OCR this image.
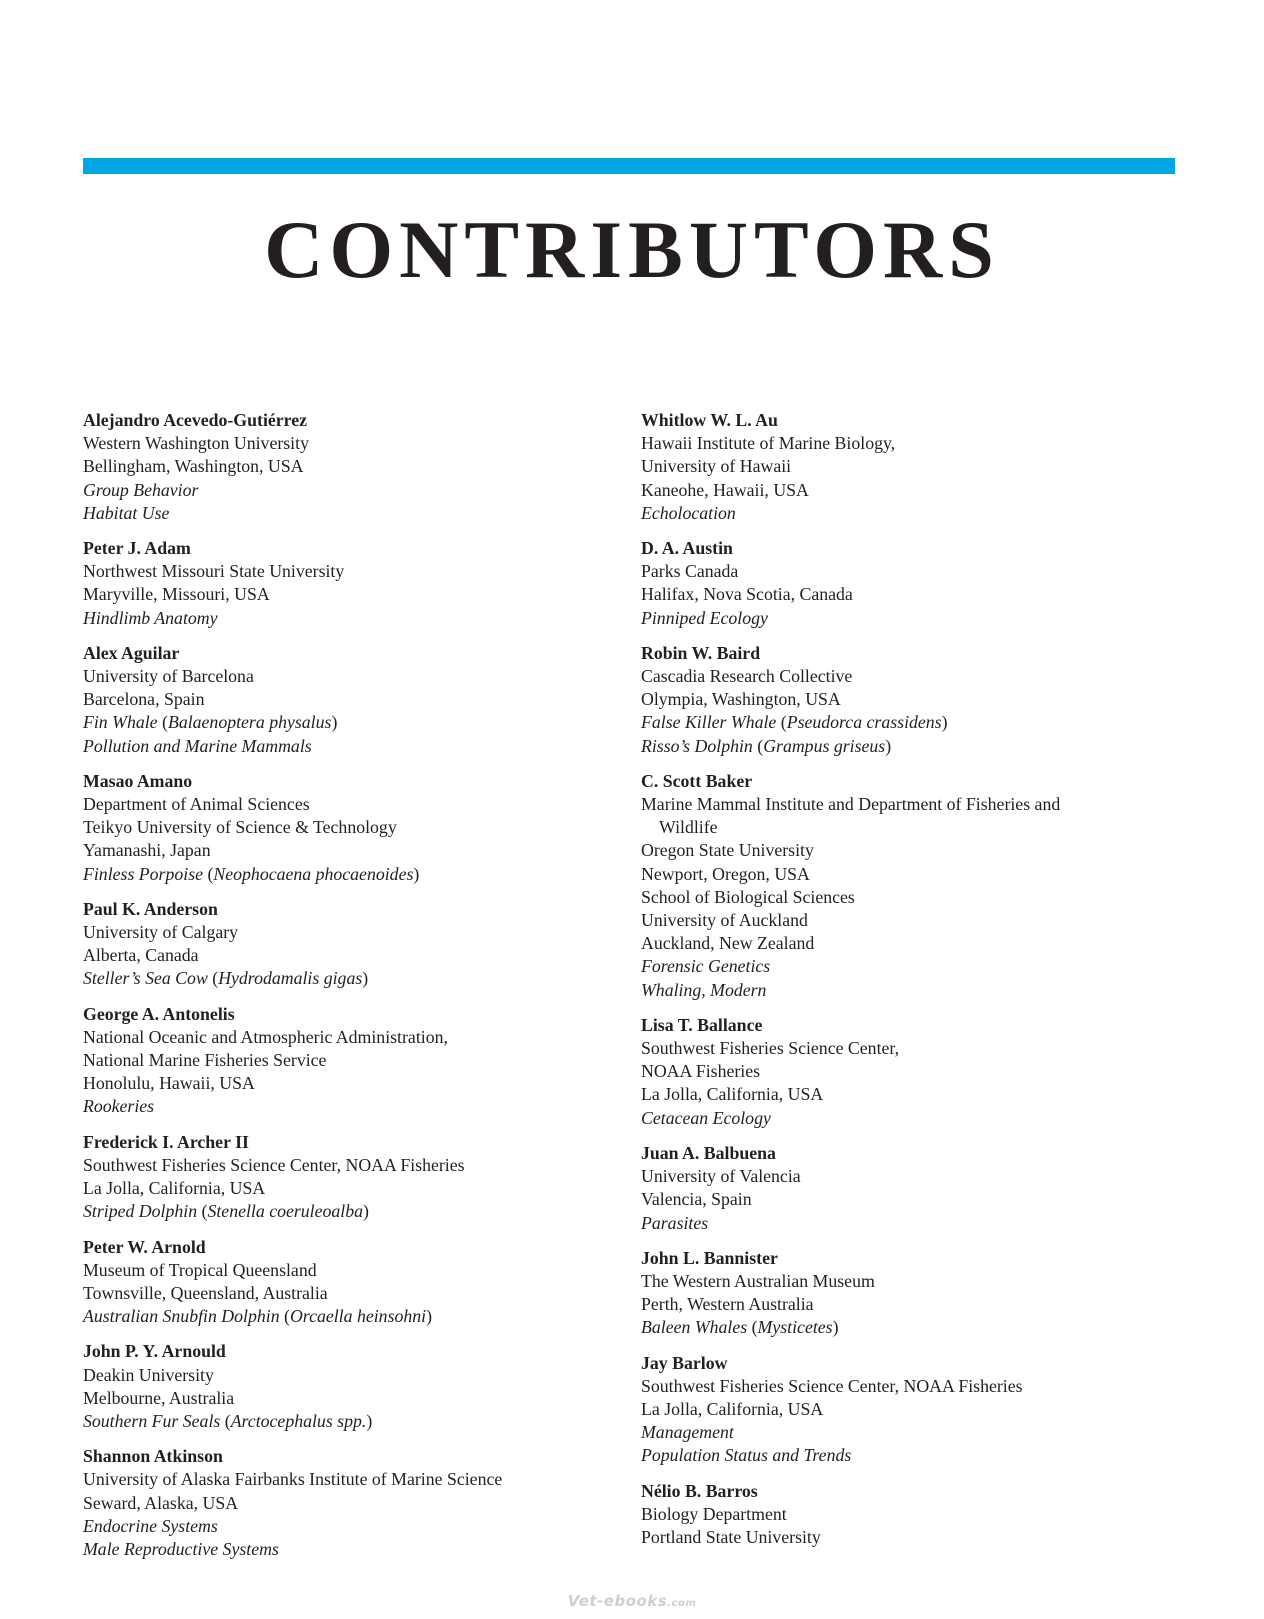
CONTRIBUTORS
Alejandro Acevedo-Gutiérrez
Western Washington University
Bellingham, Washington, USA
Group Behavior
Habitat Use
Peter J. Adam
Northwest Missouri State University
Maryville, Missouri, USA
Hindlimb Anatomy
Alex Aguilar
University of Barcelona
Barcelona, Spain
Fin Whale (Balaenoptera physalus)
Pollution and Marine Mammals
Masao Amano
Department of Animal Sciences
Teikyo University of Science & Technology
Yamanashi, Japan
Finless Porpoise (Neophocaena phocaenoides)
Paul K. Anderson
University of Calgary
Alberta, Canada
Steller’s Sea Cow (Hydrodamalis gigas)
George A. Antonelis
National Oceanic and Atmospheric Administration,
National Marine Fisheries Service
Honolulu, Hawaii, USA
Rookeries
Frederick I. Archer II
Southwest Fisheries Science Center, NOAA Fisheries
La Jolla, California, USA
Striped Dolphin (Stenella coeruleoalba)
Peter W. Arnold
Museum of Tropical Queensland
Townsville, Queensland, Australia
Australian Snubfin Dolphin (Orcaella heinsohni)
John P. Y. Arnould
Deakin University
Melbourne, Australia
Southern Fur Seals (Arctocephalus spp.)
Shannon Atkinson
University of Alaska Fairbanks Institute of Marine Science
Seward, Alaska, USA
Endocrine Systems
Male Reproductive Systems
Whitlow W. L. Au
Hawaii Institute of Marine Biology,
University of Hawaii
Kaneohe, Hawaii, USA
Echolocation
D. A. Austin
Parks Canada
Halifax, Nova Scotia, Canada
Pinniped Ecology
Robin W. Baird
Cascadia Research Collective
Olympia, Washington, USA
False Killer Whale (Pseudorca crassidens)
Risso’s Dolphin (Grampus griseus)
C. Scott Baker
Marine Mammal Institute and Department of Fisheries and
Wildlife
Oregon State University
Newport, Oregon, USA
School of Biological Sciences
University of Auckland
Auckland, New Zealand
Forensic Genetics
Whaling, Modern
Lisa T. Ballance
Southwest Fisheries Science Center,
NOAA Fisheries
La Jolla, California, USA
Cetacean Ecology
Juan A. Balbuena
University of Valencia
Valencia, Spain
Parasites
John L. Bannister
The Western Australian Museum
Perth, Western Australia
Baleen Whales (Mysticetes)
Jay Barlow
Southwest Fisheries Science Center, NOAA Fisheries
La Jolla, California, USA
Management
Population Status and Trends
Nélio B. Barros
Biology Department
Portland State University
Vet-ebooks.com
